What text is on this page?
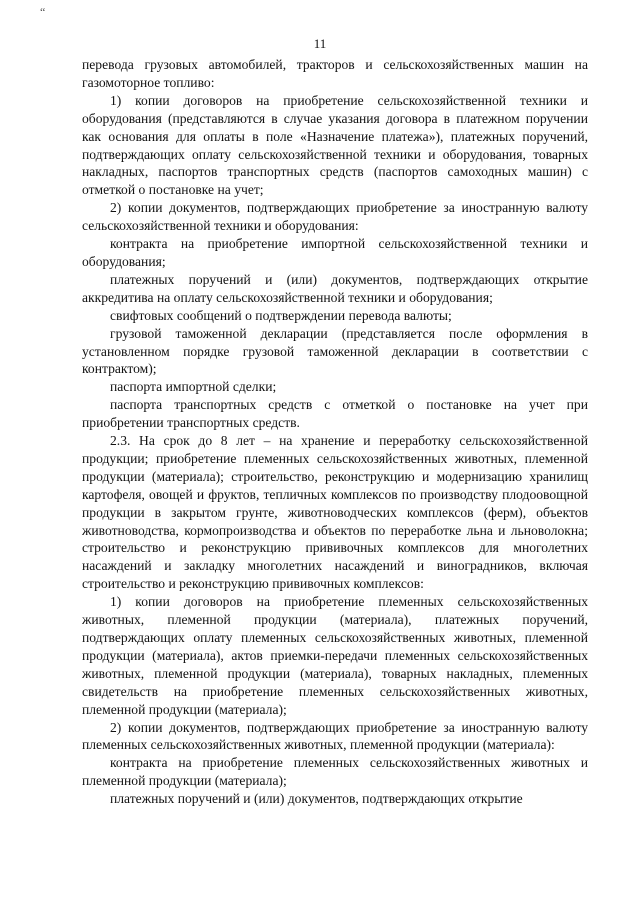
“
11

перевода грузовых автомобилей, тракторов и сельскохозяйственных машин на газомоторное топливо:

1) копии договоров на приобретение сельскохозяйственной техники и оборудования (представляются в случае указания договора в платежном поручении как основания для оплаты в поле «Назначение платежа»), платежных поручений, подтверждающих оплату сельскохозяйственной техники и оборудования, товарных накладных, паспортов транспортных средств (паспортов самоходных машин) с отметкой о постановке на учет;

2) копии документов, подтверждающих приобретение за иностранную валюту сельскохозяйственной техники и оборудования:

контракта на приобретение импортной сельскохозяйственной техники и оборудования;

платежных поручений и (или) документов, подтверждающих открытие аккредитива на оплату сельскохозяйственной техники и оборудования;

свифтовых сообщений о подтверждении перевода валюты;

грузовой таможенной декларации (представляется после оформления в установленном порядке грузовой таможенной декларации в соответствии с контрактом);

паспорта импортной сделки;

паспорта транспортных средств с отметкой о постановке на учет при приобретении транспортных средств.

2.3. На срок до 8 лет – на хранение и переработку сельскохозяйственной продукции; приобретение племенных сельскохозяйственных животных, племенной продукции (материала); строительство, реконструкцию и модернизацию хранилищ картофеля, овощей и фруктов, тепличных комплексов по производству плодоовощной продукции в закрытом грунте, животноводческих комплексов (ферм), объектов животноводства, кормопроизводства и объектов по переработке льна и льноволокна; строительство и реконструкцию прививочных комплексов для многолетних насаждений и закладку многолетних насаждений и виноградников, включая строительство и реконструкцию прививочных комплексов:

1) копии договоров на приобретение племенных сельскохозяйственных животных, племенной продукции (материала), платежных поручений, подтверждающих оплату племенных сельскохозяйственных животных, племенной продукции (материала), актов приемки-передачи племенных сельскохозяйственных животных, племенной продукции (материала), товарных накладных, племенных свидетельств на приобретение племенных сельскохозяйственных животных, племенной продукции (материала);

2) копии документов, подтверждающих приобретение за иностранную валюту племенных сельскохозяйственных животных, племенной продукции (материала):

контракта на приобретение племенных сельскохозяйственных животных и племенной продукции (материала);

платежных поручений и (или) документов, подтверждающих открытие
